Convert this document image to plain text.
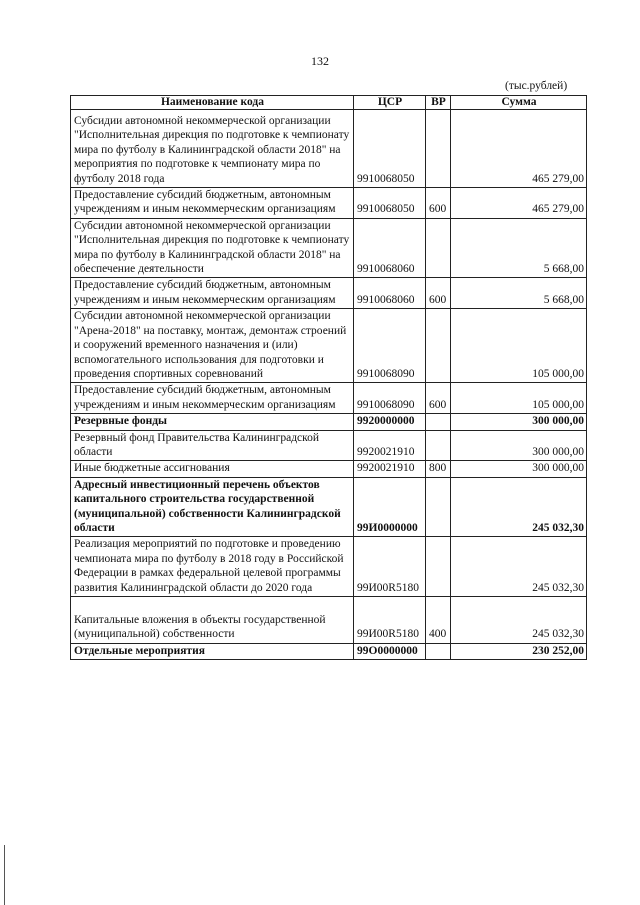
132
(тыс.рублей)
Наименование кода	ЦСР	ВР	Сумма
Субсидии автономной некоммерческой организации "Исполнительная дирекция по подготовке к чемпионату мира по футболу в Калининградской области 2018" на мероприятия по подготовке к чемпионату мира по футболу 2018 года	9910068050		465 279,00
Предоставление субсидий бюджетным, автономным учреждениям и иным некоммерческим организациям	9910068050	600	465 279,00
Субсидии автономной некоммерческой организации "Исполнительная дирекция по подготовке к чемпионату мира по футболу в Калининградской области 2018" на обеспечение деятельности	9910068060		5 668,00
Предоставление субсидий бюджетным, автономным учреждениям и иным некоммерческим организациям	9910068060	600	5 668,00
Субсидии автономной некоммерческой организации "Арена-2018" на поставку, монтаж, демонтаж строений и сооружений временного назначения и (или) вспомогательного использования для подготовки и проведения спортивных соревнований	9910068090		105 000,00
Предоставление субсидий бюджетным, автономным учреждениям и иным некоммерческим организациям	9910068090	600	105 000,00
Резервные фонды	9920000000		300 000,00
Резервный фонд Правительства Калининградской области	9920021910		300 000,00
Иные бюджетные ассигнования	9920021910	800	300 000,00
Адресный инвестиционный перечень объектов капитального строительства государственной (муниципальной) собственности Калининградской области	99И0000000		245 032,30
Реализация мероприятий по подготовке и проведению чемпионата мира по футболу в 2018 году в Российской Федерации в рамках федеральной целевой программы развития Калининградской области до 2020 года	99И00R5180		245 032,30
Капитальные вложения в объекты государственной (муниципальной) собственности	99И00R5180	400	245 032,30
Отдельные мероприятия	99О0000000		230 252,00
